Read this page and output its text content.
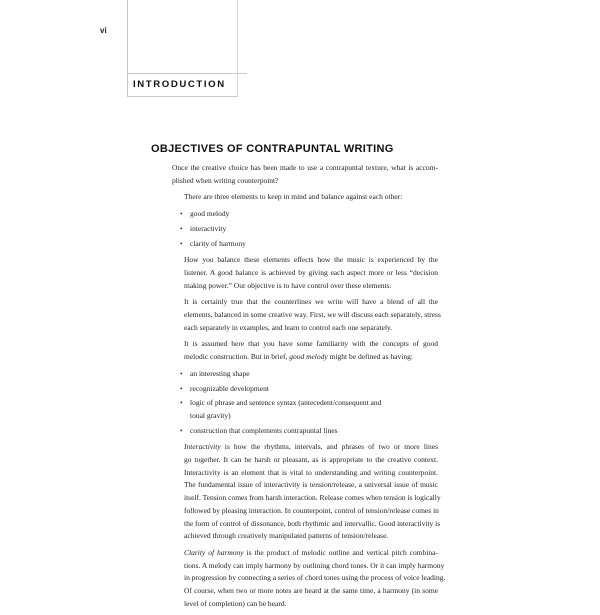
vi
INTRODUCTION
OBJECTIVES OF CONTRAPUNTAL WRITING

Once the creative choice has been made to use a contrapuntal texture, what is accom-
plished when writing counterpoint?

There are three elements to keep in mind and balance against each other:

• good melody
• interactivity
• clarity of harmony

How you balance these elements effects how the music is experienced by the
listener. A good balance is achieved by giving each aspect more or less “decision
making power.” Our objective is to have control over these elements.

It is certainly true that the counterlines we write will have a blend of all the
elements, balanced in some creative way. First, we will discuss each separately, stress
each separately in examples, and learn to control each one separately.

It is assumed here that you have some familiarity with the concepts of good
melodic construction. But in brief, good melody might be defined as having:

• an interesting shape
• recognizable development
• logic of phrase and sentence syntax (antecedent/consequent and
tonal gravity)
• construction that complements contrapuntal lines

Interactivity is how the rhythms, intervals, and phrases of two or more lines
go together. It can be harsh or pleasant, as is appropriate to the creative context.
Interactivity is an element that is vital to understanding and writing counterpoint.
The fundamental issue of interactivity is tension/release, a universal issue of music
itself. Tension comes from harsh interaction. Release comes when tension is logically
followed by pleasing interaction. In counterpoint, control of tension/release comes in
the form of control of dissonance, both rhythmic and intervallic. Good interactivity is
achieved through creatively manipulated patterns of tension/release.

Clarity of harmony is the product of melodic outline and vertical pitch combina-
tions. A melody can imply harmony by outlining chord tones. Or it can imply harmony
in progression by connecting a series of chord tones using the process of voice leading.
Of course, when two or more notes are heard at the same time, a harmony (in some
level of completion) can be heard.
